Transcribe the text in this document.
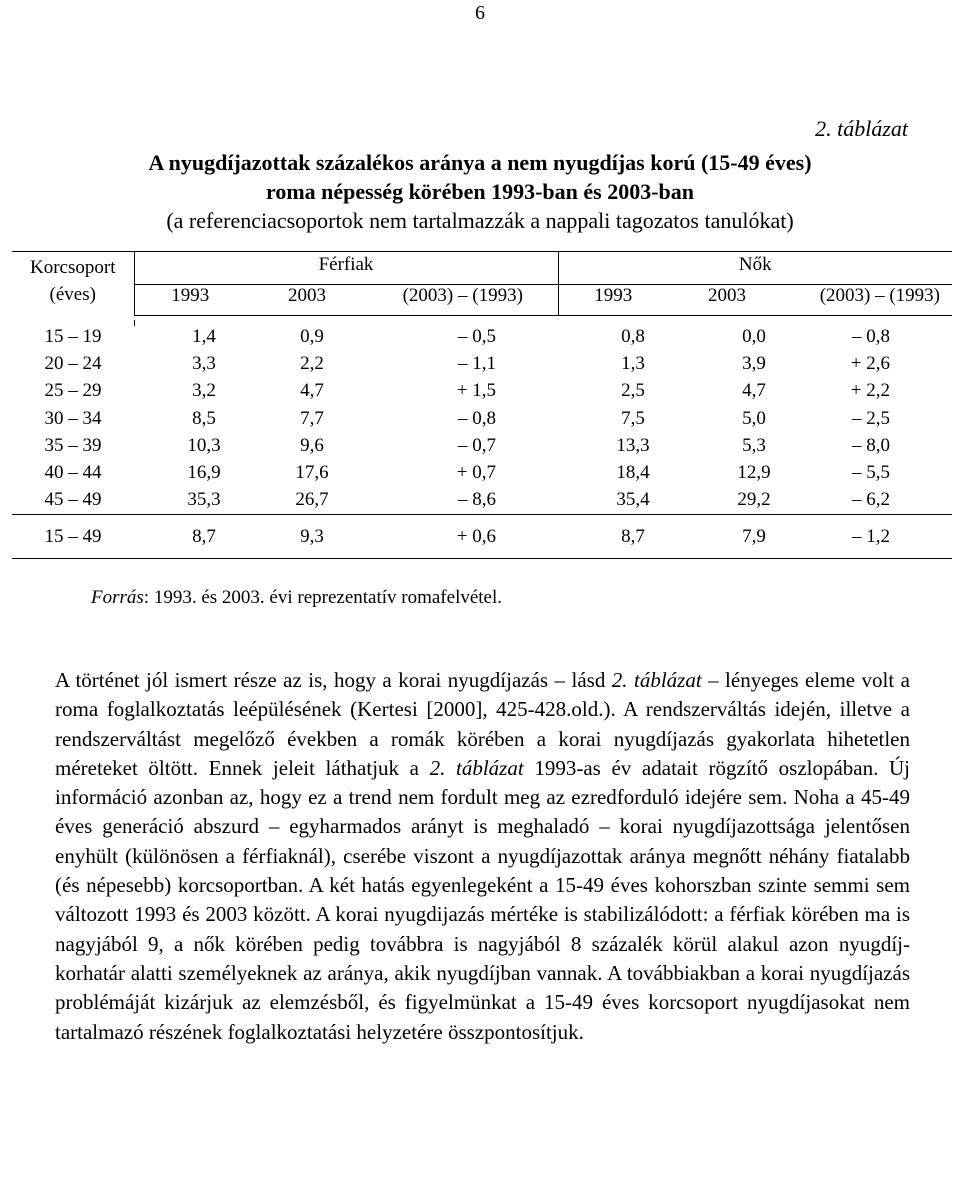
6
2. táblázat
A nyugdíjazottak százalékos aránya a nem nyugdíjas korú (15-49 éves)
roma népesség körében 1993-ban és 2003-ban
(a referenciacsoportok nem tartalmazzák a nappali tagozatos tanulókat)
Korcsoport
(éves)	Férfiak			Nők		
	1993	2003	(2003) – (1993)	1993	2003	(2003) – (1993)
15 – 19	1,4	0,9	– 0,5	0,8	0,0	– 0,8
20 – 24	3,3	2,2	– 1,1	1,3	3,9	+ 2,6
25 – 29	3,2	4,7	+ 1,5	2,5	4,7	+ 2,2
30 – 34	8,5	7,7	– 0,8	7,5	5,0	– 2,5
35 – 39	10,3	9,6	– 0,7	13,3	5,3	– 8,0
40 – 44	16,9	17,6	+ 0,7	18,4	12,9	– 5,5
45 – 49	35,3	26,7	– 8,6	35,4	29,2	– 6,2
15 – 49	8,7	9,3	+ 0,6	8,7	7,9	– 1,2
Forrás: 1993. és 2003. évi reprezentatív romafelvétel.
A történet jól ismert része az is, hogy a korai nyugdíjazás – lásd 2. táblázat – lényeges eleme volt a roma foglalkoztatás leépülésének (Kertesi [2000], 425-428.old.). A rendszerváltás idején, illetve a rendszerváltást megelőző években a romák körében a korai nyugdíjazás gyakorlata hihetetlen méreteket öltött. Ennek jeleit láthatjuk a 2. táblázat 1993-as év adatait rögzítő oszlopában. Új információ azonban az, hogy ez a trend nem fordult meg az ezredforduló idejére sem. Noha a 45-49 éves generáció abszurd – egyharmados arányt is meghaladó – korai nyugdíjazottsága jelentősen enyhült (különösen a férfiaknál), cserébe viszont a nyugdíjazottak aránya megnőtt néhány fiatalabb (és népesebb) korcsoportban. A két hatás egyenlegeként a 15-49 éves kohorszban szinte semmi sem változott 1993 és 2003 között. A korai nyugdijazás mértéke is stabilizálódott: a férfiak körében ma is nagyjából 9, a nők körében pedig továbbra is nagyjából 8 százalék körül alakul azon nyugdíj-korhatár alatti személyeknek az aránya, akik nyugdíjban vannak. A továbbiakban a korai nyugdíjazás problémáját kizárjuk az elemzésből, és figyelmünkat a 15-49 éves korcsoport nyugdíjasokat nem tartalmazó részének foglalkoztatási helyzetére összpontosítjuk.
